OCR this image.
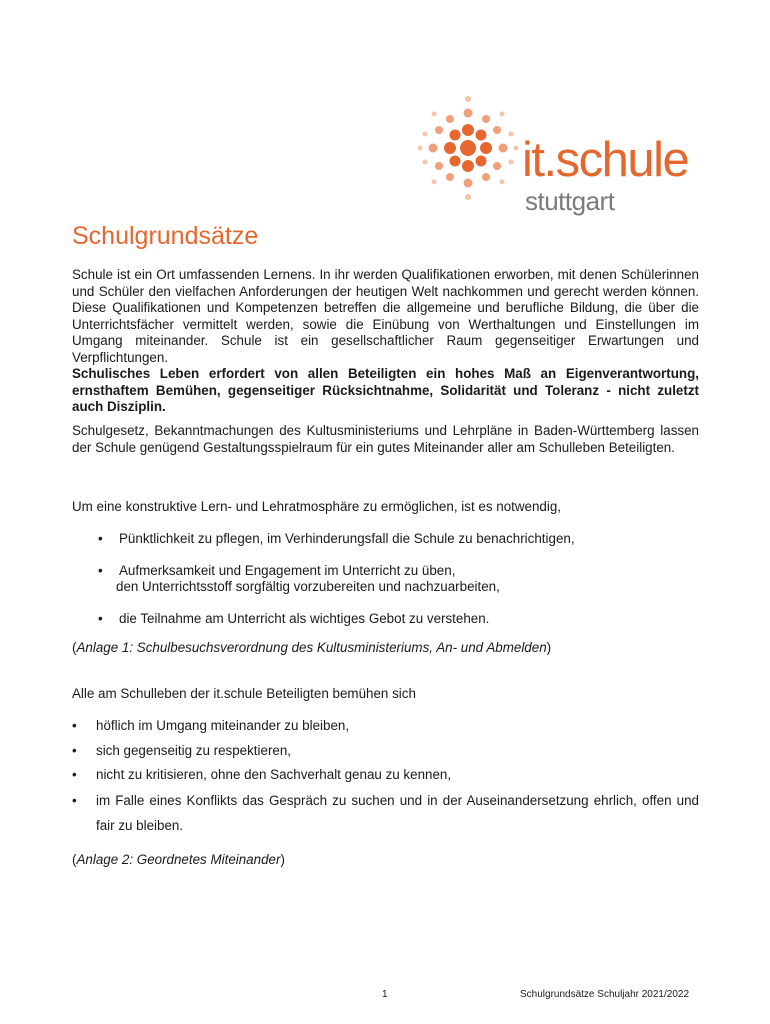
it.schule
stuttgart
Schulgrundsätze

Schule ist ein Ort umfassenden Lernens. In ihr werden Qualifikationen erworben, mit denen Schülerinnen und Schüler den vielfachen Anforderungen der heutigen Welt nachkommen und gerecht werden können. Diese Qualifikationen und Kompetenzen betreffen die allgemeine und berufliche Bildung, die über die Unterrichtsfächer vermittelt werden, sowie die Einübung von Werthaltungen und Einstellungen im Umgang miteinander. Schule ist ein gesellschaftlicher Raum gegenseitiger Erwartungen und Verpflichtungen.

Schulisches Leben erfordert von allen Beteiligten ein hohes Maß an Eigenverantwortung, ernsthaftem Bemühen, gegenseitiger Rücksichtnahme, Solidarität und Toleranz - nicht zuletzt auch Disziplin.

Schulgesetz, Bekanntmachungen des Kultusministeriums und Lehrpläne in Baden-Württemberg lassen der Schule genügend Gestaltungsspielraum für ein gutes Miteinander aller am Schulleben Beteiligten.

Um eine konstruktive Lern- und Lehratmosphäre zu ermöglichen, ist es notwendig,

• Pünktlichkeit zu pflegen, im Verhinderungsfall die Schule zu benachrichtigen,
• Aufmerksamkeit und Engagement im Unterricht zu üben,
den Unterrichtsstoff sorgfältig vorzubereiten und nachzuarbeiten,
• die Teilnahme am Unterricht als wichtiges Gebot zu verstehen.

(Anlage 1: Schulbesuchsverordnung des Kultusministeriums, An- und Abmelden)

Alle am Schulleben der it.schule Beteiligten bemühen sich

• höflich im Umgang miteinander zu bleiben,
• sich gegenseitig zu respektieren,
• nicht zu kritisieren, ohne den Sachverhalt genau zu kennen,
• im Falle eines Konflikts das Gespräch zu suchen und in der Auseinandersetzung ehrlich, offen und fair zu bleiben.

(Anlage 2: Geordnetes Miteinander)

1	Schulgrundsätze Schuljahr 2021/2022
